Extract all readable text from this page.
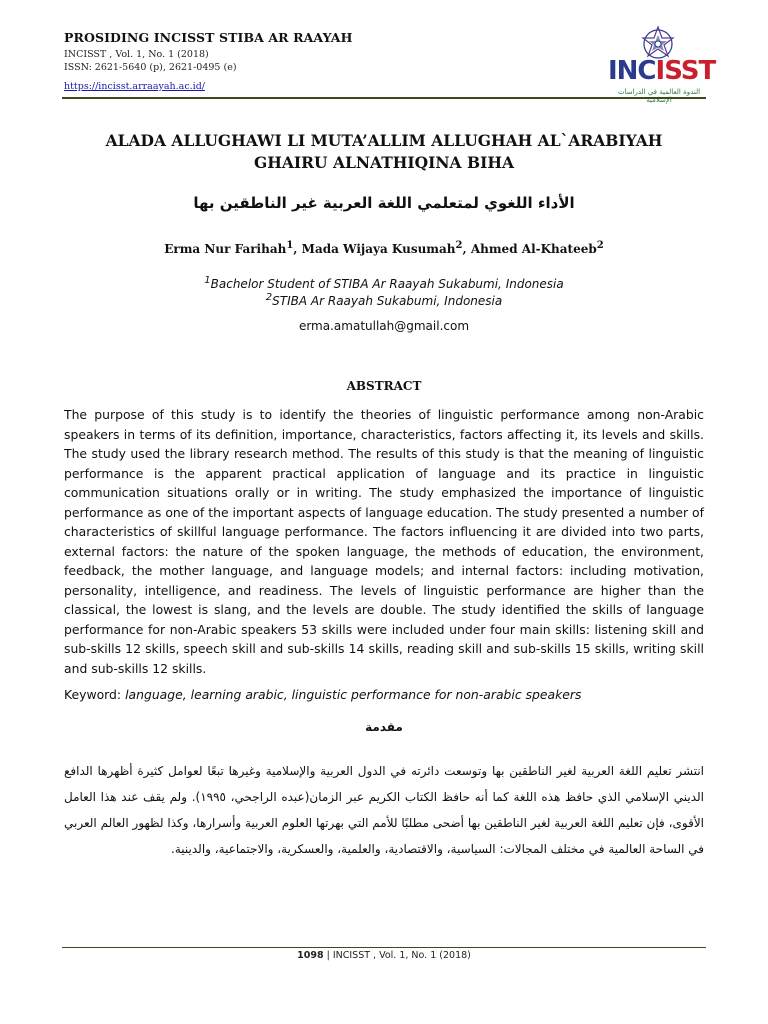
PROSIDING INCISST STIBA AR RAAYAH
INCISST , Vol. 1, No. 1 (2018)
ISSN: 2621-5640 (p), 2621-0495 (e)
https://incisst.arraayah.ac.id/
INCISST
الندوة العالمية في الدراسات الإسلامية
ALADA ALLUGHAWI LI MUTA’ALLIM ALLUGHAH AL`ARABIYAH
GHAIRU ALNATHIQINA BIHA
الأداء اللغوي لمتعلمي اللغة العربية غير الناطقين بها
Erma Nur Farihah$^1$, Mada Wijaya Kusumah$^2$, Ahmed Al-Khateeb$^2$
$^1$Bachelor Student of STIBA Ar Raayah Sukabumi, Indonesia
$^2$STIBA Ar Raayah Sukabumi, Indonesia
erma.amatullah@gmail.com
ABSTRACT

The purpose of this study is to identify the theories of linguistic performance among non-Arabic speakers in terms of its definition, importance, characteristics, factors affecting it, its levels and skills. The study used the library research method. The results of this study is that the meaning of linguistic performance is the apparent practical application of language and its practice in linguistic communication situations orally or in writing. The study emphasized the importance of linguistic performance as one of the important aspects of language education. The study presented a number of characteristics of skillful language performance. The factors influencing it are divided into two parts, external factors: the nature of the spoken language, the methods of education, the environment, feedback, the mother language, and language models; and internal factors: including motivation, personality, intelligence, and readiness. The levels of linguistic performance are higher than the classical, the lowest is slang, and the levels are double. The study identified the skills of language performance for non-Arabic speakers 53 skills were included under four main skills: listening skill and sub-skills 12 skills, speech skill and sub-skills 14 skills, reading skill and sub-skills 15 skills, writing skill and sub-skills 12 skills.

Keyword: language, learning arabic, linguistic performance for non-arabic speakers
مقدمة

انتشر تعليم اللغة العربية لغير الناطقين بها وتوسعت دائرته في الدول العربية والإسلامية وغيرها تبعًا لعوامل كثيرة أظهرها الدافع الديني الإسلامي الذي حافظ هذه اللغة كما أنه حافظ الكتاب الكريم عبر الزمان(عبده الراجحي، ١٩٩٥). ولم يقف عند هذا العامل الأقوى، فإن تعليم اللغة العربية لغير الناطقين بها أضحى مطلبًا للأمم التي بهرتها العلوم العربية وأسرارها، وكذا لظهور العالم العربي في الساحة العالمية في مختلف المجالات: السياسية، والاقتصادية، والعلمية، والعسكرية، والاجتماعية، والدينية.

1098 | INCISST , Vol. 1, No. 1 (2018)
